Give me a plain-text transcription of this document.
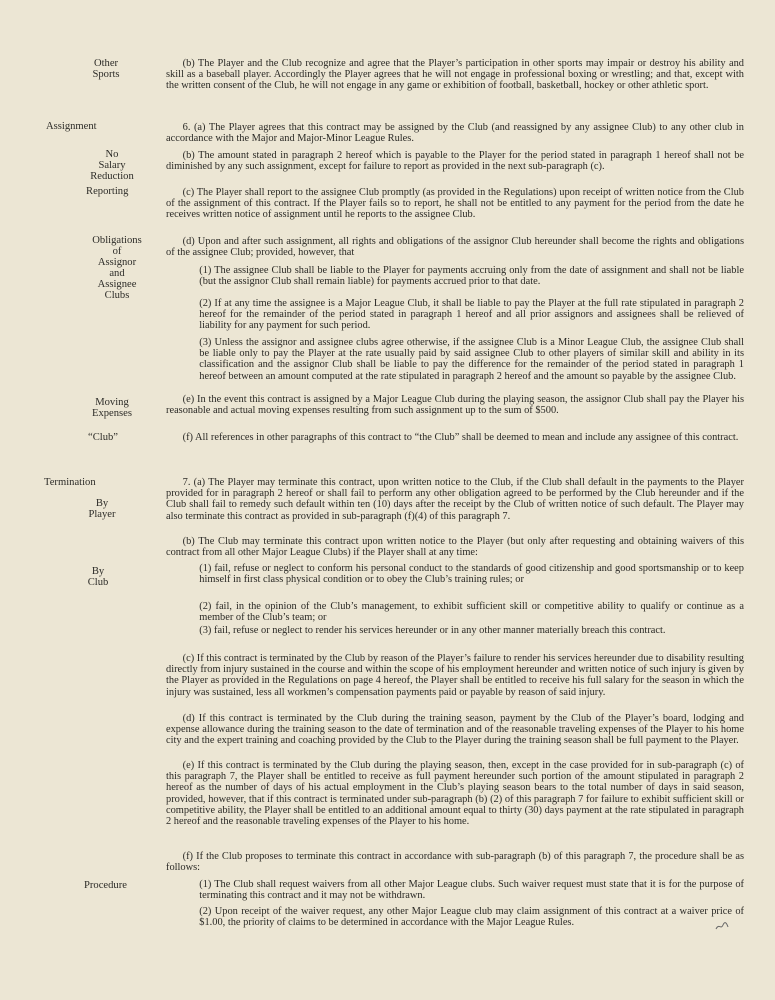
Other
Sports
Assignment
No
Salary
Reduction
Reporting
Obligations
of
Assignor
and
Assignee
Clubs
Moving
Expenses
“Club”
Termination
By
Player
By
Club
Procedure

(b) The Player and the Club recognize and agree that the Player’s participation in other sports may impair or destroy his ability and skill as a baseball player. Accordingly the Player agrees that he will not engage in professional boxing or wrestling; and that, except with the written consent of the Club, he will not engage in any game or exhibition of football, basketball, hockey or other athletic sport.

6. (a) The Player agrees that this contract may be assigned by the Club (and reassigned by any assignee Club) to any other club in accordance with the Major and Major-Minor League Rules.

(b) The amount stated in paragraph 2 hereof which is payable to the Player for the period stated in paragraph 1 hereof shall not be diminished by any such assignment, except for failure to report as provided in the next sub-paragraph (c).

(c) The Player shall report to the assignee Club promptly (as provided in the Regulations) upon receipt of written notice from the Club of the assignment of this contract. If the Player fails so to report, he shall not be entitled to any payment for the period from the date he receives written notice of assignment until he reports to the assignee Club.

(d) Upon and after such assignment, all rights and obligations of the assignor Club hereunder shall become the rights and obligations of the assignee Club; provided, however, that

(1) The assignee Club shall be liable to the Player for payments accruing only from the date of assignment and shall not be liable (but the assignor Club shall remain liable) for payments accrued prior to that date.

(2) If at any time the assignee is a Major League Club, it shall be liable to pay the Player at the full rate stipulated in paragraph 2 hereof for the remainder of the period stated in paragraph 1 hereof and all prior assignors and assignees shall be relieved of liability for any payment for such period.

(3) Unless the assignor and assignee clubs agree otherwise, if the assignee Club is a Minor League Club, the assignee Club shall be liable only to pay the Player at the rate usually paid by said assignee Club to other players of similar skill and ability in its classification and the assignor Club shall be liable to pay the difference for the remainder of the period stated in paragraph 1 hereof between an amount computed at the rate stipulated in paragraph 2 hereof and the amount so payable by the assignee Club.

(e) In the event this contract is assigned by a Major League Club during the playing season, the assignor Club shall pay the Player his reasonable and actual moving expenses resulting from such assignment up to the sum of $500.

(f) All references in other paragraphs of this contract to “the Club” shall be deemed to mean and include any assignee of this contract.

7. (a) The Player may terminate this contract, upon written notice to the Club, if the Club shall default in the payments to the Player provided for in paragraph 2 hereof or shall fail to perform any other obligation agreed to be performed by the Club hereunder and if the Club shall fail to remedy such default within ten (10) days after the receipt by the Club of written notice of such default. The Player may also terminate this contract as provided in sub-paragraph (f)(4) of this paragraph 7.

(b) The Club may terminate this contract upon written notice to the Player (but only after requesting and obtaining waivers of this contract from all other Major League Clubs) if the Player shall at any time:

(1) fail, refuse or neglect to conform his personal conduct to the standards of good citizenship and good sportsmanship or to keep himself in first class physical condition or to obey the Club’s training rules; or

(2) fail, in the opinion of the Club’s management, to exhibit sufficient skill or competitive ability to qualify or continue as a member of the Club’s team; or

(3) fail, refuse or neglect to render his services hereunder or in any other manner materially breach this contract.

(c) If this contract is terminated by the Club by reason of the Player’s failure to render his services hereunder due to disability resulting directly from injury sustained in the course and within the scope of his employment hereunder and written notice of such injury is given by the Player as provided in the Regulations on page 4 hereof, the Player shall be entitled to receive his full salary for the season in which the injury was sustained, less all workmen’s compensation payments paid or payable by reason of said injury.

(d) If this contract is terminated by the Club during the training season, payment by the Club of the Player’s board, lodging and expense allowance during the training season to the date of termination and of the reasonable traveling expenses of the Player to his home city and the expert training and coaching provided by the Club to the Player during the training season shall be full payment to the Player.

(e) If this contract is terminated by the Club during the playing season, then, except in the case provided for in sub-paragraph (c) of this paragraph 7, the Player shall be entitled to receive as full payment hereunder such portion of the amount stipulated in paragraph 2 hereof as the number of days of his actual employment in the Club’s playing season bears to the total number of days in said season, provided, however, that if this contract is terminated under sub-paragraph (b) (2) of this paragraph 7 for failure to exhibit sufficient skill or competitive ability, the Player shall be entitled to an additional amount equal to thirty (30) days payment at the rate stipulated in paragraph 2 hereof and the reasonable traveling expenses of the Player to his home.

(f) If the Club proposes to terminate this contract in accordance with sub-paragraph (b) of this paragraph 7, the procedure shall be as follows:

(1) The Club shall request waivers from all other Major League clubs. Such waiver request must state that it is for the purpose of terminating this contract and it may not be withdrawn.

(2) Upon receipt of the waiver request, any other Major League club may claim assignment of this contract at a waiver price of $1.00, the priority of claims to be determined in accordance with the Major League Rules.
